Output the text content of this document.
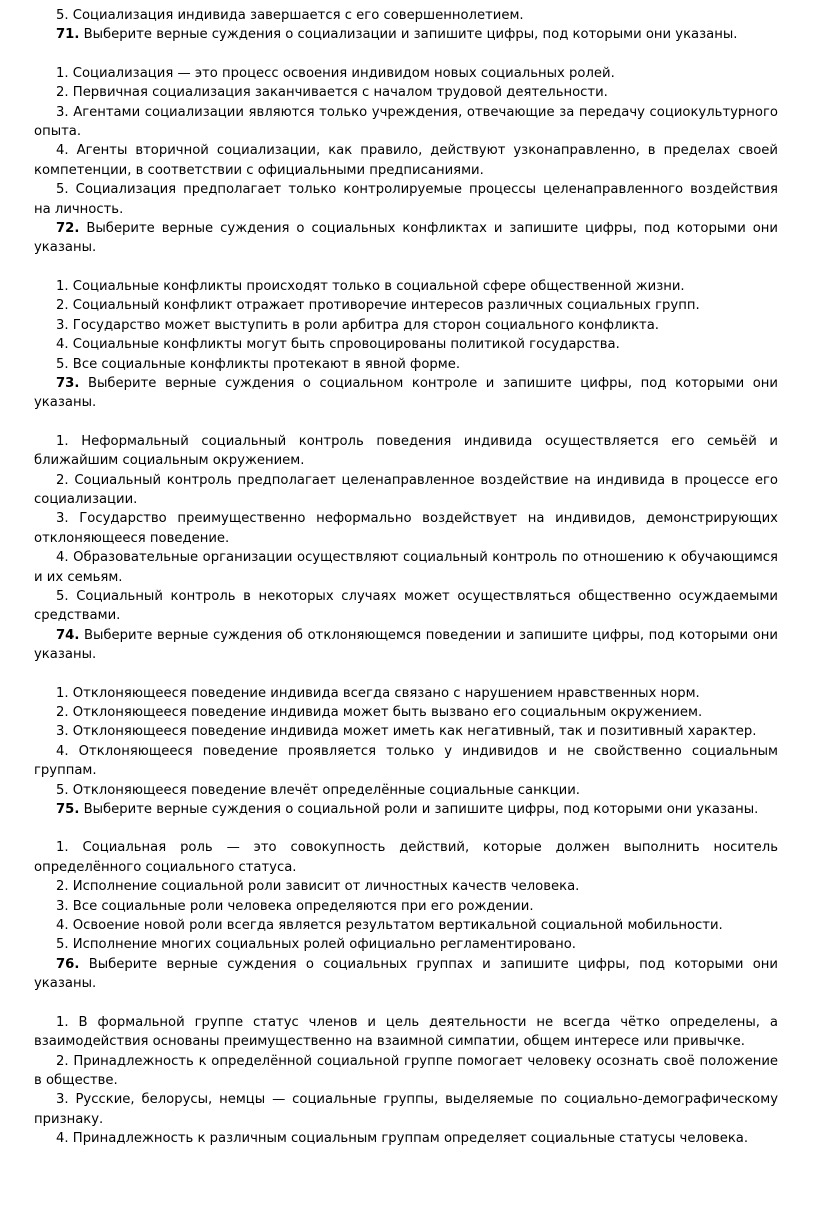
5. Социализация индивида завершается с его совершеннолетием.

71. Выберите верные суждения о социализации и запишите цифры, под которыми они указаны.

1. Социализация — это процесс освоения индивидом новых социальных ролей.

2. Первичная социализация заканчивается с началом трудовой деятельности.

3. Агентами социализации являются только учреждения, отвечающие за передачу социокультурного опыта.

4. Агенты вторичной социализации, как правило, действуют узконаправленно, в пределах своей компетенции, в соответствии с официальными предписаниями.

5. Социализация предполагает только контролируемые процессы целенаправленного воздействия на личность.

72. Выберите верные суждения о социальных конфликтах и запишите цифры, под которыми они указаны.

1. Социальные конфликты происходят только в социальной сфере общественной жизни.

2. Социальный конфликт отражает противоречие интересов различных социальных групп.

3. Государство может выступить в роли арбитра для сторон социального конфликта.

4. Социальные конфликты могут быть спровоцированы политикой государства.

5. Все социальные конфликты протекают в явной форме.

73. Выберите верные суждения о социальном контроле и запишите цифры, под которыми они указаны.

1. Неформальный социальный контроль поведения индивида осуществляется его семьёй и ближайшим социальным окружением.

2. Социальный контроль предполагает целенаправленное воздействие на индивида в процессе его социализации.

3. Государство преимущественно неформально воздействует на индивидов, демонстрирующих отклоняющееся поведение.

4. Образовательные организации осуществляют социальный контроль по отношению к обучающимся и их семьям.

5. Социальный контроль в некоторых случаях может осуществляться общественно осуждаемыми средствами.

74. Выберите верные суждения об отклоняющемся поведении и запишите цифры, под которыми они указаны.

1. Отклоняющееся поведение индивида всегда связано с нарушением нравственных норм.

2. Отклоняющееся поведение индивида может быть вызвано его социальным окружением.

3. Отклоняющееся поведение индивида может иметь как негативный, так и позитивный характер.

4. Отклоняющееся поведение проявляется только у индивидов и не свойственно социальным группам.

5. Отклоняющееся поведение влечёт определённые социальные санкции.

75. Выберите верные суждения о социальной роли и запишите цифры, под которыми они указаны.

1. Социальная роль — это совокупность действий, которые должен выполнить носитель определённого социального статуса.

2. Исполнение социальной роли зависит от личностных качеств человека.

3. Все социальные роли человека определяются при его рождении.

4. Освоение новой роли всегда является результатом вертикальной социальной мобильности.

5. Исполнение многих социальных ролей официально регламентировано.

76. Выберите верные суждения о социальных группах и запишите цифры, под которыми они указаны.

1. В формальной группе статус членов и цель деятельности не всегда чётко определены, а взаимодействия основаны преимущественно на взаимной симпатии, общем интересе или привычке.

2. Принадлежность к определённой социальной группе помогает человеку осознать своё положение в обществе.

3. Русские, белорусы, немцы — социальные группы, выделяемые по социально-демографическому признаку.

4. Принадлежность к различным социальным группам определяет социальные статусы человека.
